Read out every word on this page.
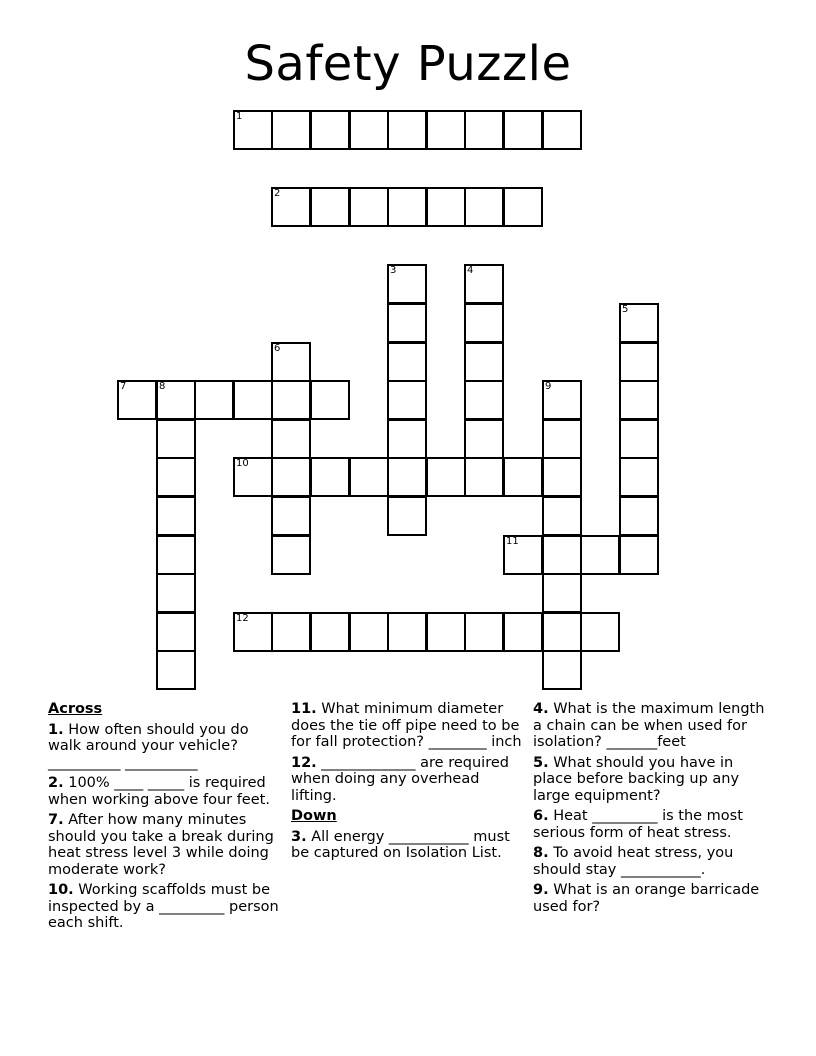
Safety Puzzle
1
2
3	4
5
6
7	8	9
10
11
12
Across
1. How often should you do walk around your vehicle? __________ __________
2. 100% ____ _____ is required when working above four feet.
7. After how many minutes should you take a break during heat stress level 3 while doing moderate work?
10. Working scaffolds must be inspected by a _________ person each shift.
11. What minimum diameter does the tie off pipe need to be for fall protection? ________ inch
12. _____________ are required when doing any overhead lifting.
Down
3. All energy ___________ must be captured on Isolation List.
4. What is the maximum length a chain can be when used for isolation? _______feet
5. What should you have in place before backing up any large equipment?
6. Heat _________ is the most serious form of heat stress.
8. To avoid heat stress, you should stay ___________.
9. What is an orange barricade used for?
